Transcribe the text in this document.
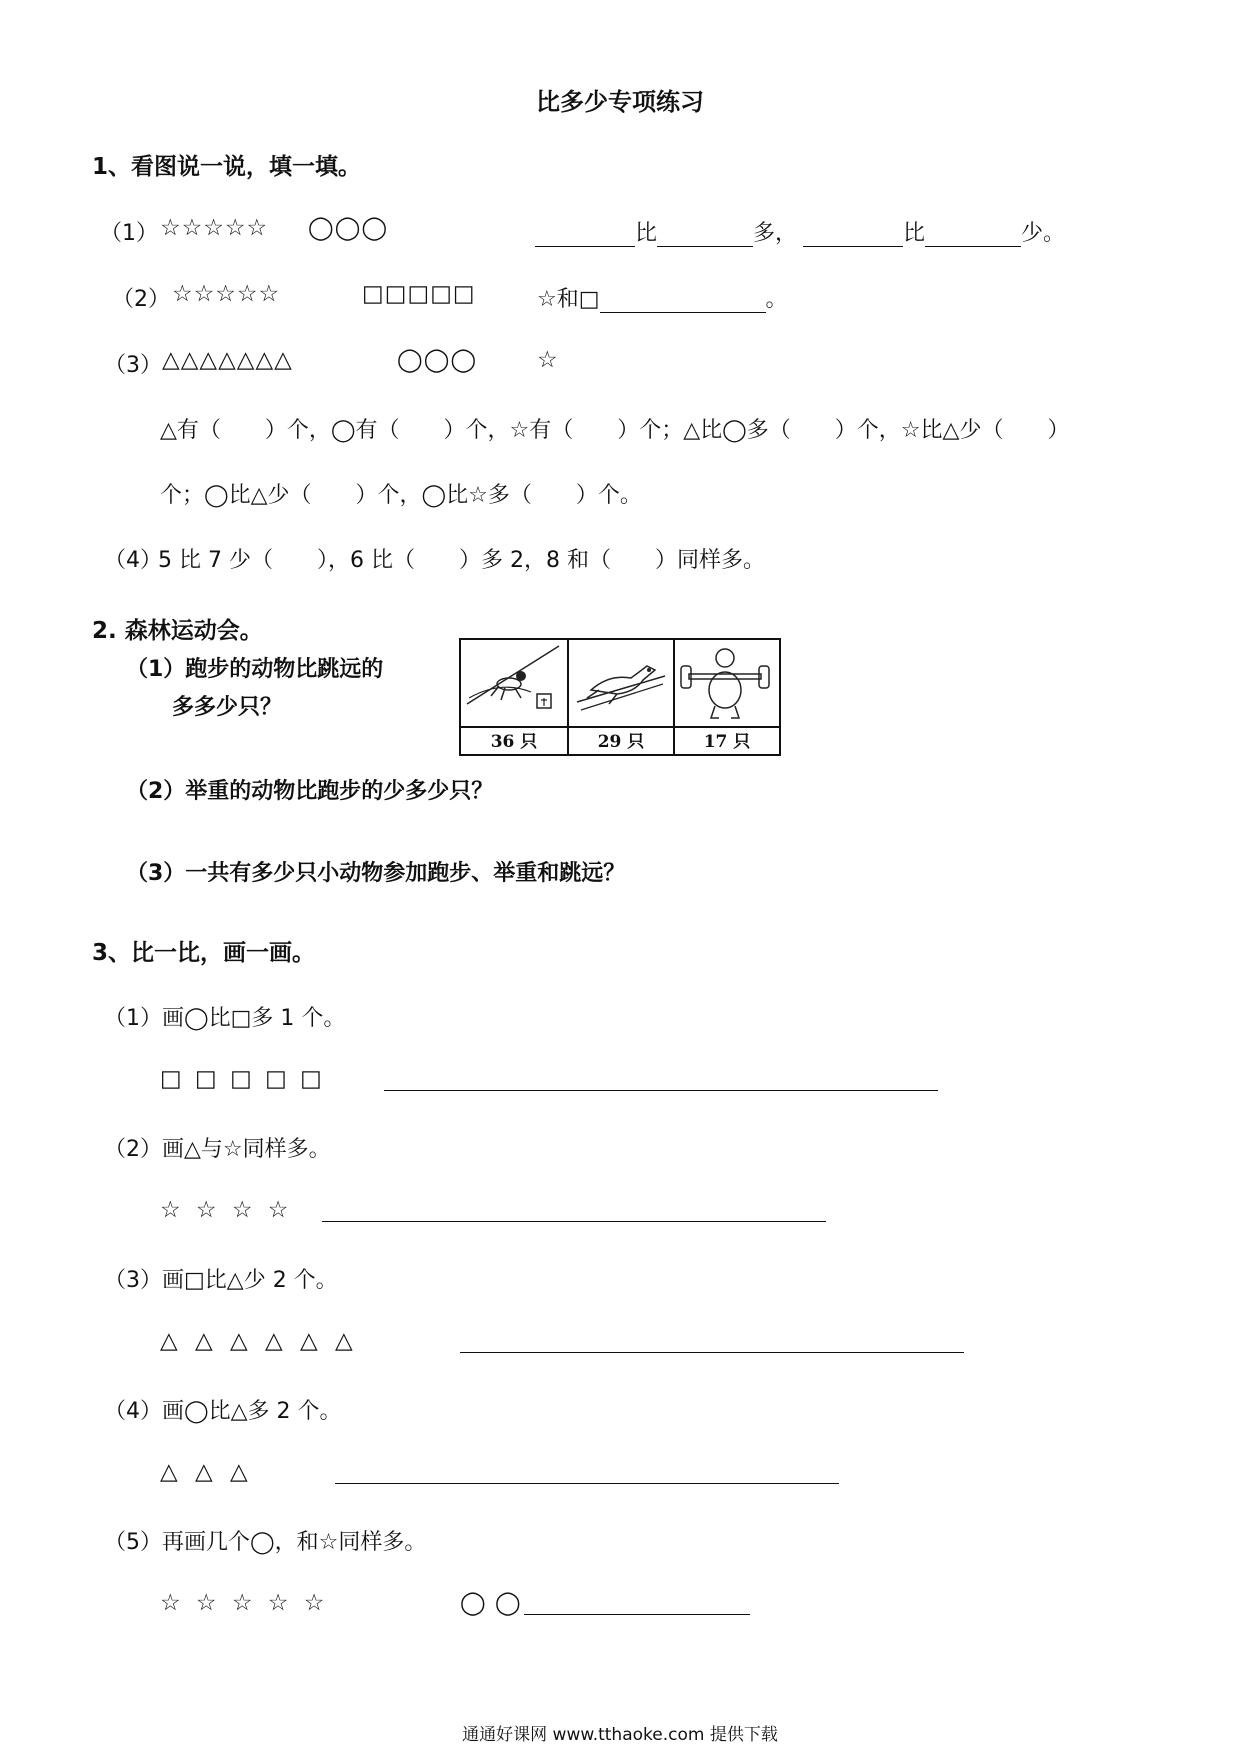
比多少专项练习
1、看图说一说，填一填。
（1） ☆☆☆☆☆ ◯◯◯	比	多，	比	少。
（2） ☆☆☆☆☆	□□□□□	☆和□	。
（3） △△△△△△△	◯◯◯	☆
△有（　　）个，◯有（　　）个，☆有（　　）个；△比◯多（　　）个，☆比△少（　　）
个；◯比△少（　　）个，◯比☆多（　　）个。
（4）
5 比 7 少（　　），6 比（　　）多 2，8 和（　　）同样多。
2. 森林运动会。
（1）跑步的动物比跳远的
多多少只？
36 只	29 只	17 只
（2）举重的动物比跑步的少多少只？
（3）一共有多少只小动物参加跑步、举重和跳远？
3、比一比，画一画。
（1）画◯比□多 1 个。
□ □ □ □ □
（2）画△与☆同样多。
☆ ☆ ☆ ☆
（3）画□比△少 2 个。
△ △ △ △ △ △
（4）画◯比△多 2 个。
△ △ △
（5）再画几个◯，和☆同样多。
☆ ☆ ☆ ☆ ☆	◯ ◯
通通好课网 www.tthaoke.com 提供下载
